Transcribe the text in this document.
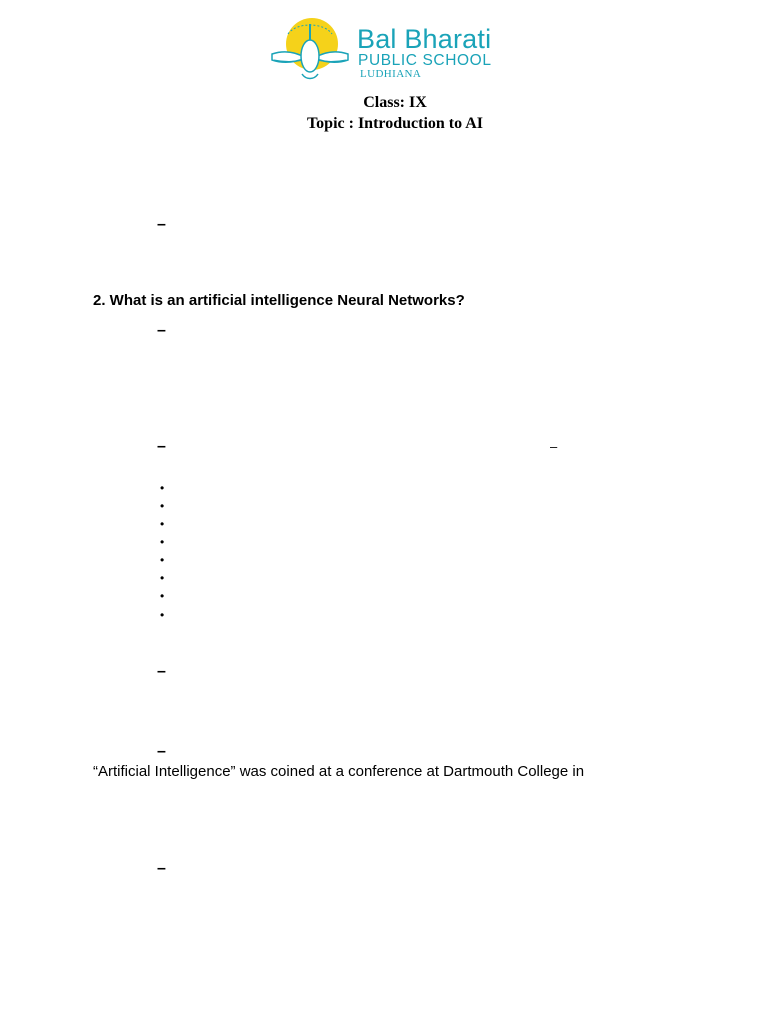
Bal Bharati
PUBLIC SCHOOL
LUDHIANA
Class: IX
Topic : Introduction to AI
–
2. What is an artificial intelligence Neural Networks?
–
–	–
•
•
•
•
•
•
•
•
–
–
“Artificial Intelligence” was coined at a conference at Dartmouth College in
–
